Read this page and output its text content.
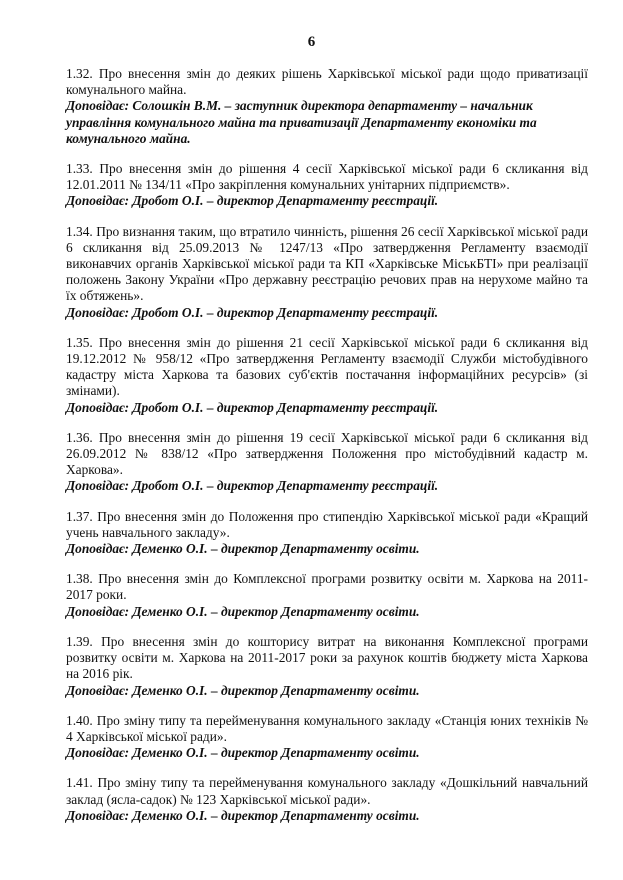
6

1.32. Про внесення змін до деяких рішень Харківської міської ради щодо приватизації комунального майна.

Доповідає: Солошкін В.М. – заступник директора департаменту – начальник управління комунального майна та приватизації Департаменту економіки та комунального майна.

1.33. Про внесення змін до рішення 4 сесії Харківської міської ради 6 скликання від 12.01.2011 № 134/11 «Про закріплення комунальних унітарних підприємств».

Доповідає: Дробот О.І. – директор Департаменту реєстрації.

1.34. Про визнання таким, що втратило чинність, рішення 26 сесії Харківської міської ради 6 скликання від 25.09.2013 № 1247/13 «Про затвердження Регламенту взаємодії виконавчих органів Харківської міської ради та КП «Харківське МіськБТІ» при реалізації положень Закону України «Про державну реєстрацію речових прав на нерухоме майно та їх обтяжень».

Доповідає: Дробот О.І. – директор Департаменту реєстрації.

1.35. Про внесення змін до рішення 21 сесії Харківської міської ради 6 скликання від 19.12.2012 № 958/12 «Про затвердження Регламенту взаємодії Служби містобудівного кадастру міста Харкова та базових суб'єктів постачання інформаційних ресурсів» (зі змінами).

Доповідає: Дробот О.І. – директор Департаменту реєстрації.

1.36. Про внесення змін до рішення 19 сесії Харківської міської ради 6 скликання від 26.09.2012 № 838/12 «Про затвердження Положення про містобудівний кадастр м. Харкова».

Доповідає: Дробот О.І. – директор Департаменту реєстрації.

1.37. Про внесення змін до Положення про стипендію Харківської міської ради «Кращий учень навчального закладу».

Доповідає: Деменко О.І. – директор Департаменту освіти.

1.38. Про внесення змін до Комплексної програми розвитку освіти м. Харкова на 2011-2017 роки.

Доповідає: Деменко О.І. – директор Департаменту освіти.

1.39. Про внесення змін до кошторису витрат на виконання Комплексної програми розвитку освіти м. Харкова на 2011-2017 роки за рахунок коштів бюджету міста Харкова на 2016 рік.

Доповідає: Деменко О.І. – директор Департаменту освіти.

1.40. Про зміну типу та перейменування комунального закладу «Станція юних техніків № 4 Харківської міської ради».

Доповідає: Деменко О.І. – директор Департаменту освіти.

1.41. Про зміну типу та перейменування комунального закладу «Дошкільний навчальний заклад (ясла-садок) № 123 Харківської міської ради».

Доповідає: Деменко О.І. – директор Департаменту освіти.
